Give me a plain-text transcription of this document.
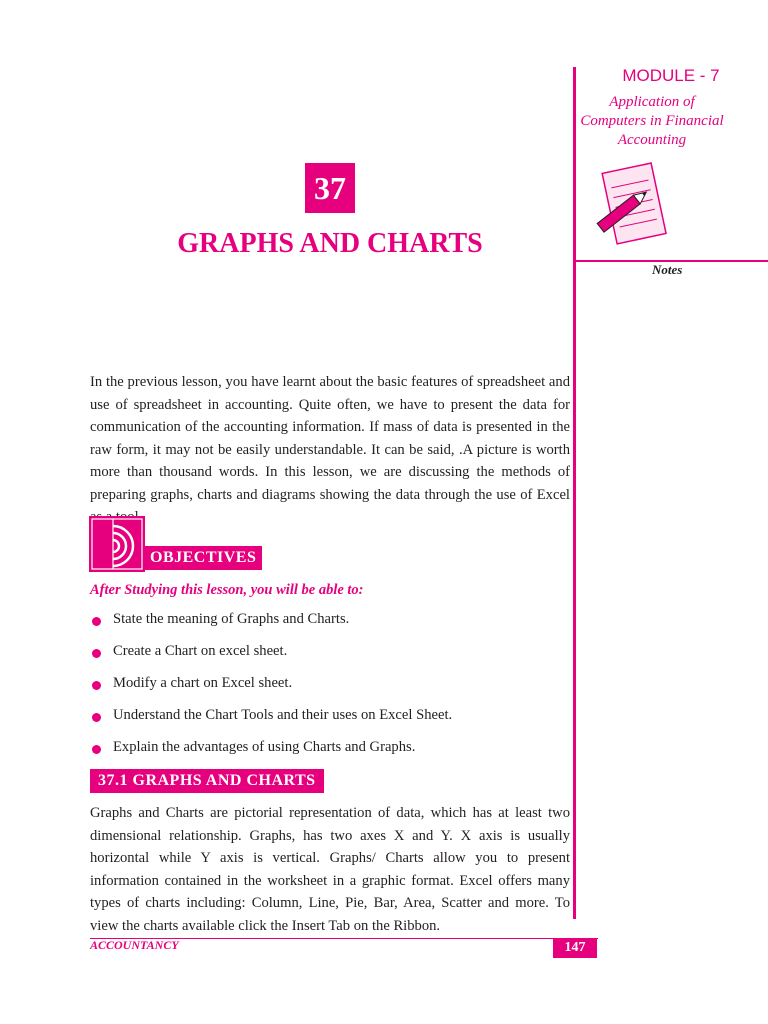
MODULE - 7
Application of Computers in Financial Accounting
Notes
37
GRAPHS AND CHARTS

In the previous lesson, you have learnt about the basic features of spreadsheet and use of spreadsheet in accounting. Quite often, we have to present the data for communication of the accounting information. If mass of data is presented in the raw form, it may not be easily understandable. It can be said, .A picture is worth more than thousand words. In this lesson, we are discussing the methods of preparing graphs, charts and diagrams showing the data through the use of Excel

OBJECTIVES
After Studying this lesson, you will be able to:
State the meaning of Graphs and Charts.
Create a Chart on excel sheet.
Modify a chart on Excel sheet.
Understand the Chart Tools and their uses on Excel Sheet.
Explain the advantages of using Charts and Graphs.
37.1 GRAPHS AND CHARTS

Graphs and Charts are pictorial representation of data, which has at least two dimensional relationship. Graphs, has two axes X and Y. X axis is usually horizontal while Y axis is vertical. Graphs/ Charts allow you to present information contained in the worksheet in a graphic format. Excel offers many types of charts including: Column, Line, Pie, Bar, Area, Scatter and more. To view the charts available click the Insert Tab on the Ribbon.

ACCOUNTANCY	147
